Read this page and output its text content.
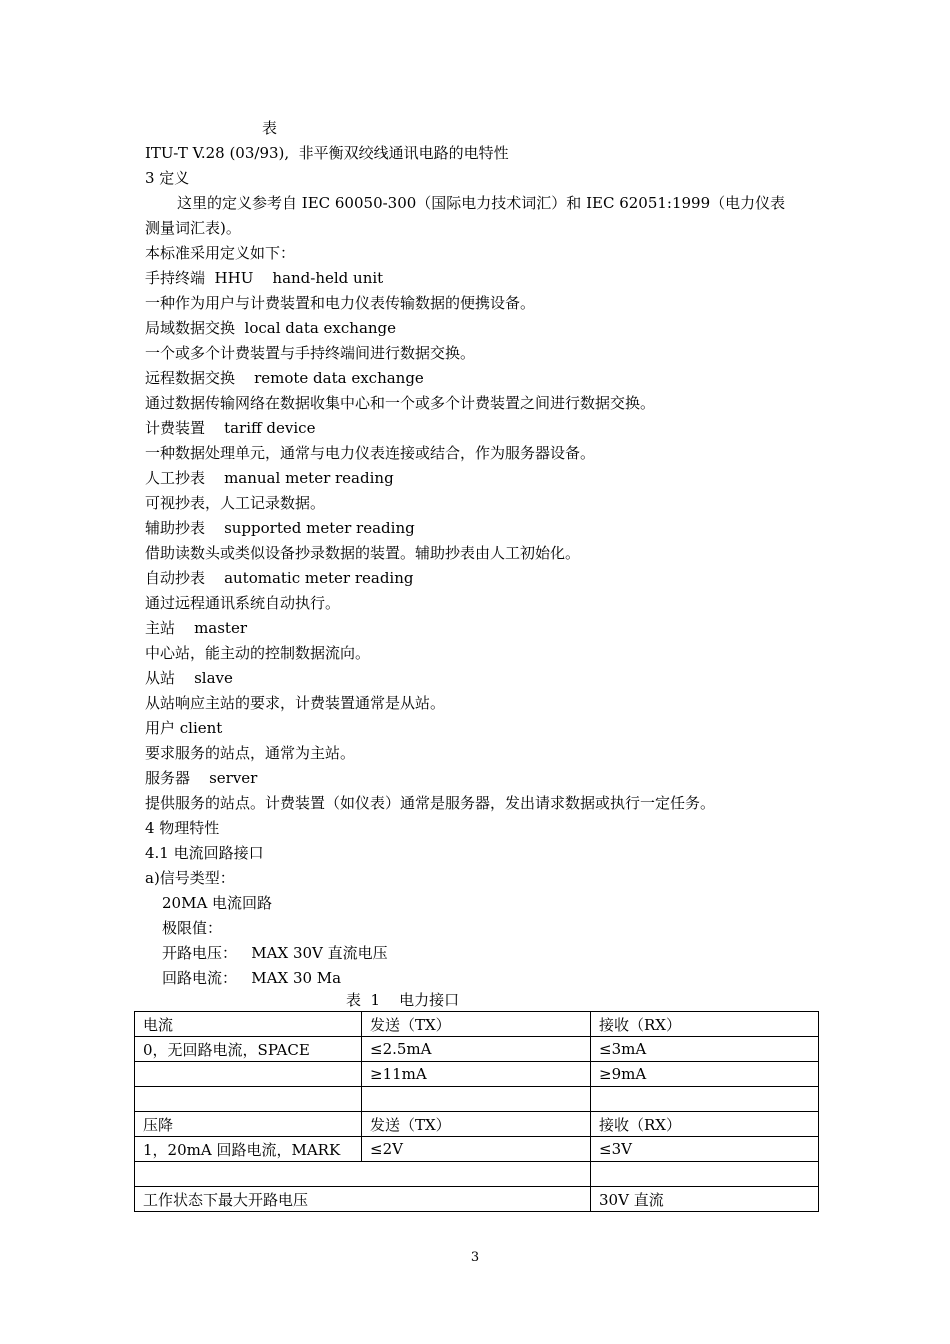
表
ITU-T V.28 (03/93),  非平衡双绞线通讯电路的电特性
3 定义
这里的定义参考自 IEC 60050-300（国际电力技术词汇）和 IEC 62051:1999（电力仪表
测量词汇表)。
本标准采用定义如下：
手持终端  HHU    hand-held unit
一种作为用户与计费装置和电力仪表传输数据的便携设备。
局域数据交换  local data exchange
一个或多个计费装置与手持终端间进行数据交换。
远程数据交换    remote data exchange
通过数据传输网络在数据收集中心和一个或多个计费装置之间进行数据交换。
计费装置    tariff device
一种数据处理单元，通常与电力仪表连接或结合，作为服务器设备。
人工抄表    manual meter reading
可视抄表，人工记录数据。
辅助抄表    supported meter reading
借助读数头或类似设备抄录数据的装置。辅助抄表由人工初始化。
自动抄表    automatic meter reading
通过远程通讯系统自动执行。
主站    master
中心站，能主动的控制数据流向。
从站    slave
从站响应主站的要求，计费装置通常是从站。
用户 client
要求服务的站点，通常为主站。
服务器    server
提供服务的站点。计费装置（如仪表）通常是服务器，发出请求数据或执行一定任务。
4 物理特性
4.1 电流回路接口
a)信号类型：
20MA 电流回路
极限值：
开路电压：   MAX 30V 直流电压
回路电流：   MAX 30 Ma
表  1    电力接口
电流	发送（TX）	接收（RX）
0，无回路电流，SPACE	≤2.5mA	≤3mA
	≥11mA	≥9mA

压降	发送（TX）	接收（RX）
1，20mA 回路电流，MARK	≤2V	≤3V

工作状态下最大开路电压		30V 直流
3
